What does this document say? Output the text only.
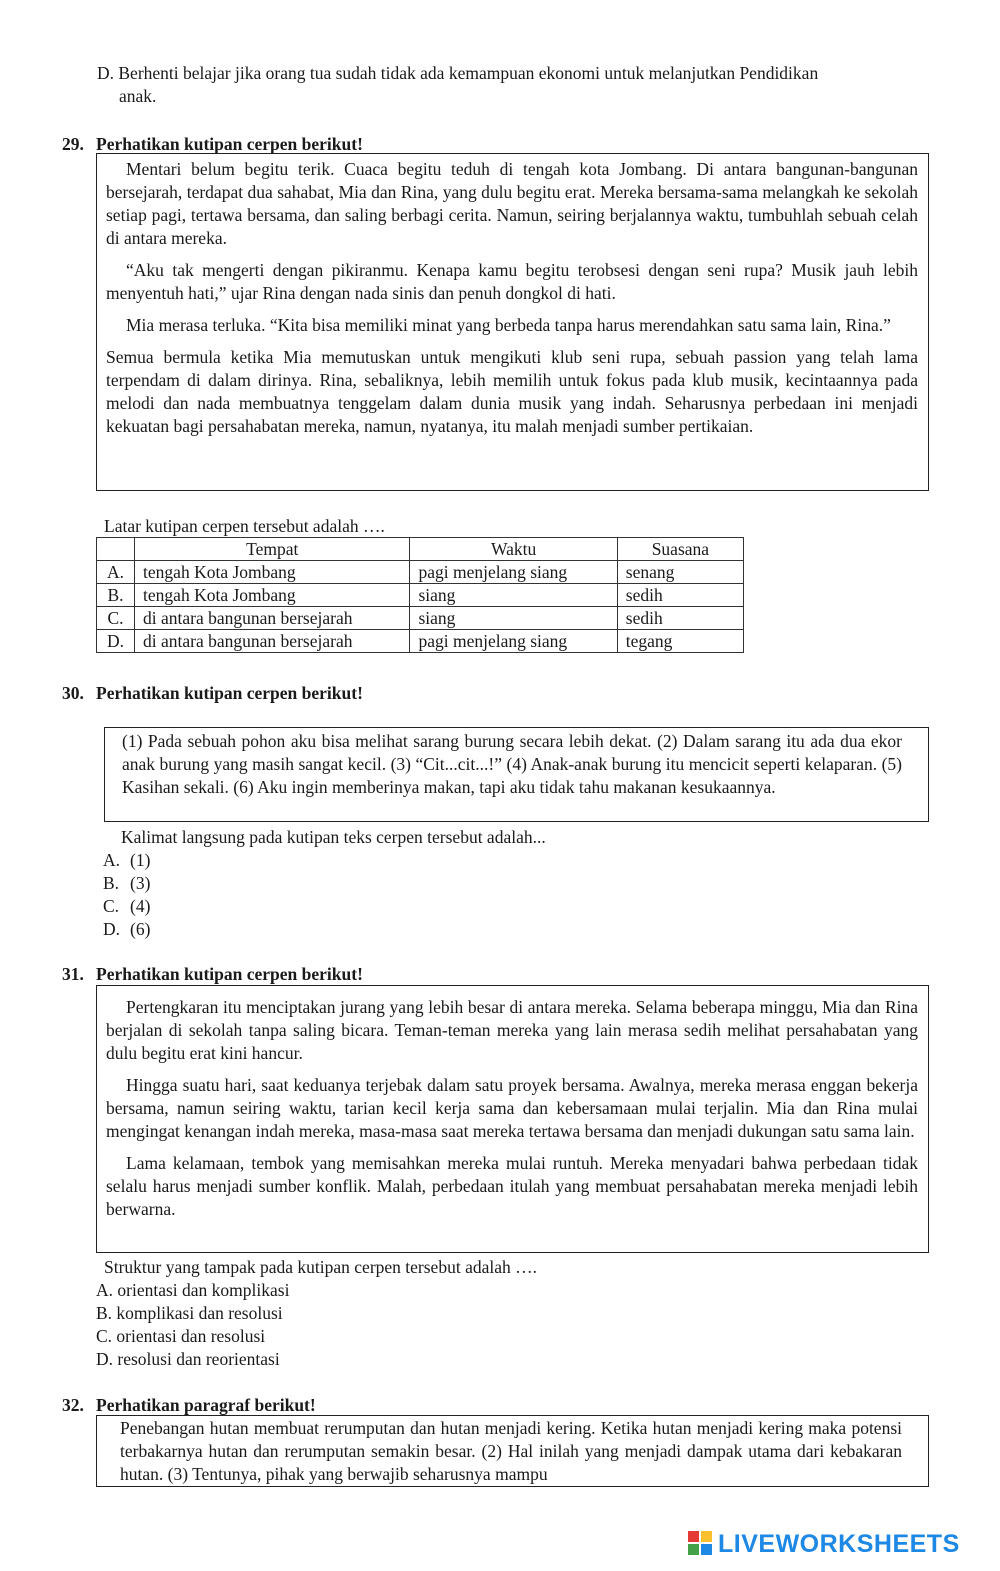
D. Berhenti belajar jika orang tua sudah tidak ada kemampuan ekonomi untuk melanjutkan Pendidikan
anak.
29. Perhatikan kutipan cerpen berikut!

Mentari belum begitu terik. Cuaca begitu teduh di tengah kota Jombang. Di antara bangunan-bangunan bersejarah, terdapat dua sahabat, Mia dan Rina, yang dulu begitu erat. Mereka bersama-sama melangkah ke sekolah setiap pagi, tertawa bersama, dan saling berbagi cerita. Namun, seiring berjalannya waktu, tumbuhlah sebuah celah di antara mereka.

“Aku tak mengerti dengan pikiranmu. Kenapa kamu begitu terobsesi dengan seni rupa? Musik jauh lebih menyentuh hati,” ujar Rina dengan nada sinis dan penuh dongkol di hati.

Mia merasa terluka. “Kita bisa memiliki minat yang berbeda tanpa harus merendahkan satu sama lain, Rina.”

Semua bermula ketika Mia memutuskan untuk mengikuti klub seni rupa, sebuah passion yang telah lama terpendam di dalam dirinya. Rina, sebaliknya, lebih memilih untuk fokus pada klub musik, kecintaannya pada melodi dan nada membuatnya tenggelam dalam dunia musik yang indah. Seharusnya perbedaan ini menjadi kekuatan bagi persahabatan mereka, namun, nyatanya, itu malah menjadi sumber pertikaian.

Latar kutipan cerpen tersebut adalah ….
	Tempat	Waktu	Suasana
A.	tengah Kota Jombang	pagi menjelang siang	senang
B.	tengah Kota Jombang	siang	sedih
C.	di antara bangunan bersejarah	siang	sedih
D.	di antara bangunan bersejarah	pagi menjelang siang	tegang
30. Perhatikan kutipan cerpen berikut!

(1) Pada sebuah pohon aku bisa melihat sarang burung secara lebih dekat. (2) Dalam sarang itu ada dua ekor anak burung yang masih sangat kecil. (3) “Cit...cit...!” (4) Anak-anak burung itu mencicit seperti kelaparan. (5) Kasihan sekali. (6) Aku ingin memberinya makan, tapi aku tidak tahu makanan kesukaannya.

Kalimat langsung pada kutipan teks cerpen tersebut adalah...
A. (1)
B. (3)
C. (4)
D. (6)
31. Perhatikan kutipan cerpen berikut!

Pertengkaran itu menciptakan jurang yang lebih besar di antara mereka. Selama beberapa minggu, Mia dan Rina berjalan di sekolah tanpa saling bicara. Teman-teman mereka yang lain merasa sedih melihat persahabatan yang dulu begitu erat kini hancur.

Hingga suatu hari, saat keduanya terjebak dalam satu proyek bersama. Awalnya, mereka merasa enggan bekerja bersama, namun seiring waktu, tarian kecil kerja sama dan kebersamaan mulai terjalin. Mia dan Rina mulai mengingat kenangan indah mereka, masa-masa saat mereka tertawa bersama dan menjadi dukungan satu sama lain.

Lama kelamaan, tembok yang memisahkan mereka mulai runtuh. Mereka menyadari bahwa perbedaan tidak selalu harus menjadi sumber konflik. Malah, perbedaan itulah yang membuat persahabatan mereka menjadi lebih berwarna.

Struktur yang tampak pada kutipan cerpen tersebut adalah ….
A. orientasi dan komplikasi
B. komplikasi dan resolusi
C. orientasi dan resolusi
D. resolusi dan reorientasi
32. Perhatikan paragraf berikut!

Penebangan hutan membuat rerumputan dan hutan menjadi kering. Ketika hutan menjadi kering maka potensi terbakarnya hutan dan rerumputan semakin besar. (2) Hal inilah yang menjadi dampak utama dari kebakaran hutan. (3) Tentunya, pihak yang berwajib seharusnya mampu

LIVEWORKSHEETS
